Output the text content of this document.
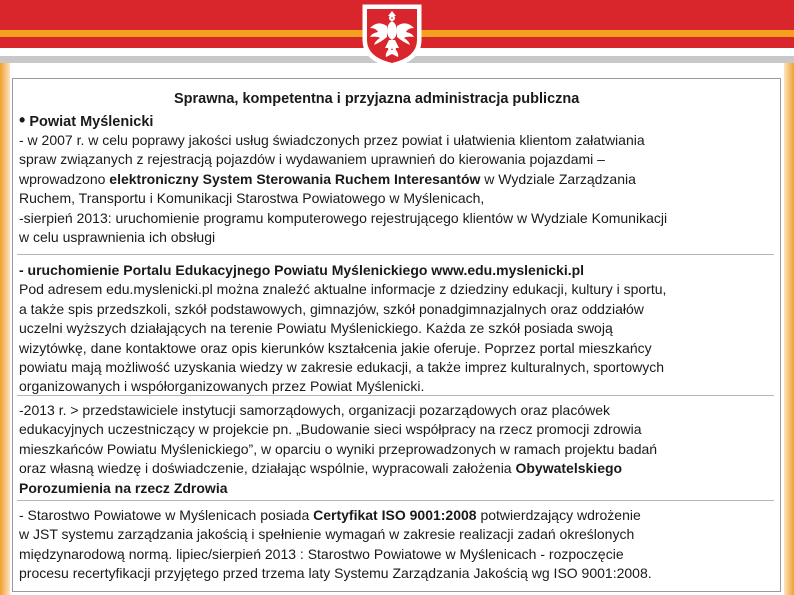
Sprawna, kompetentna i przyjazna administracja publiczna
• Powiat Myślenicki

- w 2007 r. w celu poprawy jakości usług świadczonych przez powiat i ułatwienia klientom załatwiania

spraw związanych z rejestracją pojazdów i wydawaniem uprawnień do kierowania pojazdami –

wprowadzono elektroniczny System Sterowania Ruchem Interesantów w Wydziale Zarządzania

Ruchem, Transportu i Komunikacji Starostwa Powiatowego w Myślenicach,

-sierpień 2013: uruchomienie programu komputerowego rejestrującego klientów w Wydziale Komunikacji

w celu usprawnienia ich obsługi

- uruchomienie Portalu Edukacyjnego Powiatu Myślenickiego www.edu.myslenicki.pl

Pod adresem edu.myslenicki.pl można znaleźć aktualne informacje z dziedziny edukacji, kultury i sportu,

a także spis przedszkoli, szkół podstawowych, gimnazjów, szkół ponadgimnazjalnych oraz oddziałów

uczelni wyższych działających na terenie Powiatu Myślenickiego. Każda ze szkół posiada swoją

wizytówkę, dane kontaktowe oraz opis kierunków kształcenia jakie oferuje. Poprzez portal mieszkańcy

powiatu mają możliwość uzyskania wiedzy w zakresie edukacji, a także imprez kulturalnych, sportowych

organizowanych i współorganizowanych przez Powiat Myślenicki.

-2013 r. > przedstawiciele instytucji samorządowych, organizacji pozarządowych oraz placówek

edukacyjnych uczestniczący w projekcie pn. „Budowanie sieci współpracy na rzecz promocji zdrowia

mieszkańców Powiatu Myślenickiego”, w oparciu o wyniki przeprowadzonych w ramach projektu badań

oraz własną wiedzę i doświadczenie, działając wspólnie, wypracowali założenia Obywatelskiego

Porozumienia na rzecz Zdrowia

- Starostwo Powiatowe w Myślenicach posiada Certyfikat ISO 9001:2008 potwierdzający wdrożenie

w JST systemu zarządzania jakością i spełnienie wymagań w zakresie realizacji zadań określonych

międzynarodową normą. lipiec/sierpień 2013 : Starostwo Powiatowe w Myślenicach - rozpoczęcie

procesu recertyfikacji przyjętego przed trzema laty Systemu Zarządzania Jakością wg ISO 9001:2008.
